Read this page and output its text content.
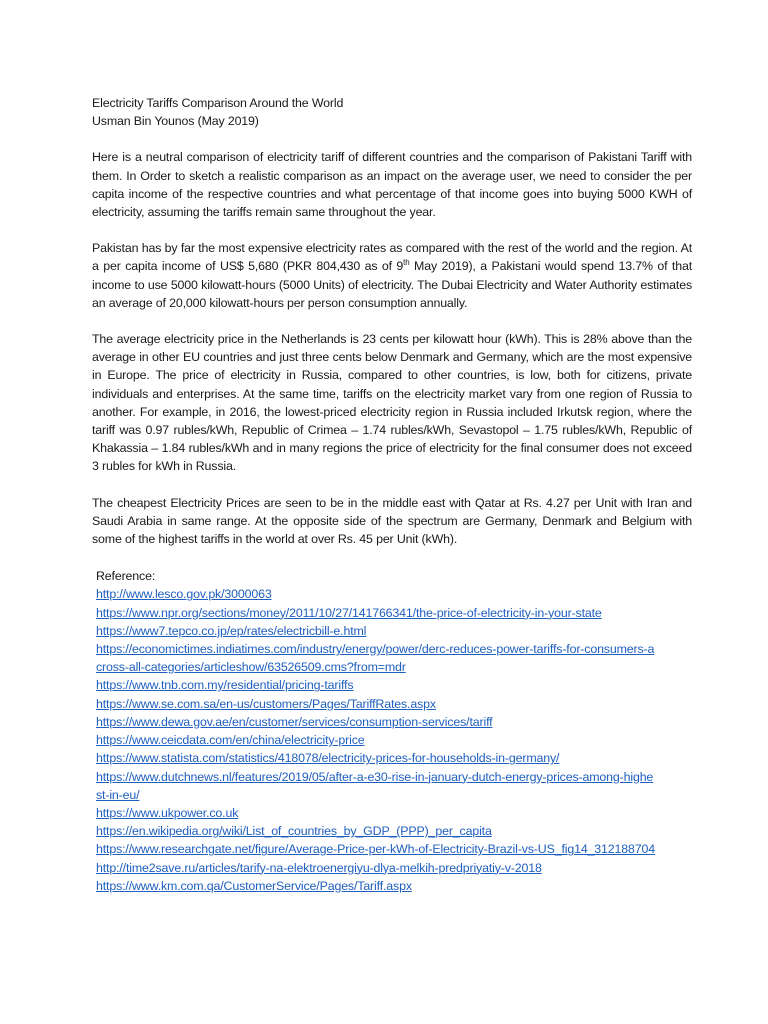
Electricity Tariffs Comparison Around the World
Usman Bin Younos (May 2019)

Here is a neutral comparison of electricity tariff of different countries and the comparison of Pakistani Tariff with them. In Order to sketch a realistic comparison as an impact on the average user, we need to consider the per capita income of the respective countries and what percentage of that income goes into buying 5000 KWH of electricity, assuming the tariffs remain same throughout the year.

Pakistan has by far the most expensive electricity rates as compared with the rest of the world and the region. At a per capita income of US$ 5,680 (PKR 804,430 as of 9th May 2019), a Pakistani would spend 13.7% of that income to use 5000 kilowatt-hours (5000 Units) of electricity. The Dubai Electricity and Water Authority estimates an average of 20,000 kilowatt-hours per person consumption annually.

The average electricity price in the Netherlands is 23 cents per kilowatt hour (kWh). This is 28% above than the average in other EU countries and just three cents below Denmark and Germany, which are the most expensive in Europe. The price of electricity in Russia, compared to other countries, is low, both for citizens, private individuals and enterprises. At the same time, tariffs on the electricity market vary from one region of Russia to another. For example, in 2016, the lowest-priced electricity region in Russia included Irkutsk region, where the tariff was 0.97 rubles/kWh, Republic of Crimea – 1.74 rubles/kWh, Sevastopol – 1.75 rubles/kWh, Republic of Khakassia – 1.84 rubles/kWh and in many regions the price of electricity for the final consumer does not exceed 3 rubles for kWh in Russia.

The cheapest Electricity Prices are seen to be in the middle east with Qatar at Rs. 4.27 per Unit with Iran and Saudi Arabia in same range. At the opposite side of the spectrum are Germany, Denmark and Belgium with some of the highest tariffs in the world at over Rs. 45 per Unit (kWh).

Reference:
http://www.lesco.gov.pk/3000063
https://www.npr.org/sections/money/2011/10/27/141766341/the-price-of-electricity-in-your-state
https://www7.tepco.co.jp/ep/rates/electricbill-e.html
https://economictimes.indiatimes.com/industry/energy/power/derc-reduces-power-tariffs-for-consumers-across-all-categories/articleshow/63526509.cms?from=mdr
https://www.tnb.com.my/residential/pricing-tariffs
https://www.se.com.sa/en-us/customers/Pages/TariffRates.aspx
https://www.dewa.gov.ae/en/customer/services/consumption-services/tariff
https://www.ceicdata.com/en/china/electricity-price
https://www.statista.com/statistics/418078/electricity-prices-for-households-in-germany/
https://www.dutchnews.nl/features/2019/05/after-a-e30-rise-in-january-dutch-energy-prices-among-highest-in-eu/
https://www.ukpower.co.uk
https://en.wikipedia.org/wiki/List_of_countries_by_GDP_(PPP)_per_capita
https://www.researchgate.net/figure/Average-Price-per-kWh-of-Electricity-Brazil-vs-US_fig14_312188704
http://time2save.ru/articles/tarify-na-elektroenergiyu-dlya-melkih-predpriyatiy-v-2018
https://www.km.com.qa/CustomerService/Pages/Tariff.aspx
